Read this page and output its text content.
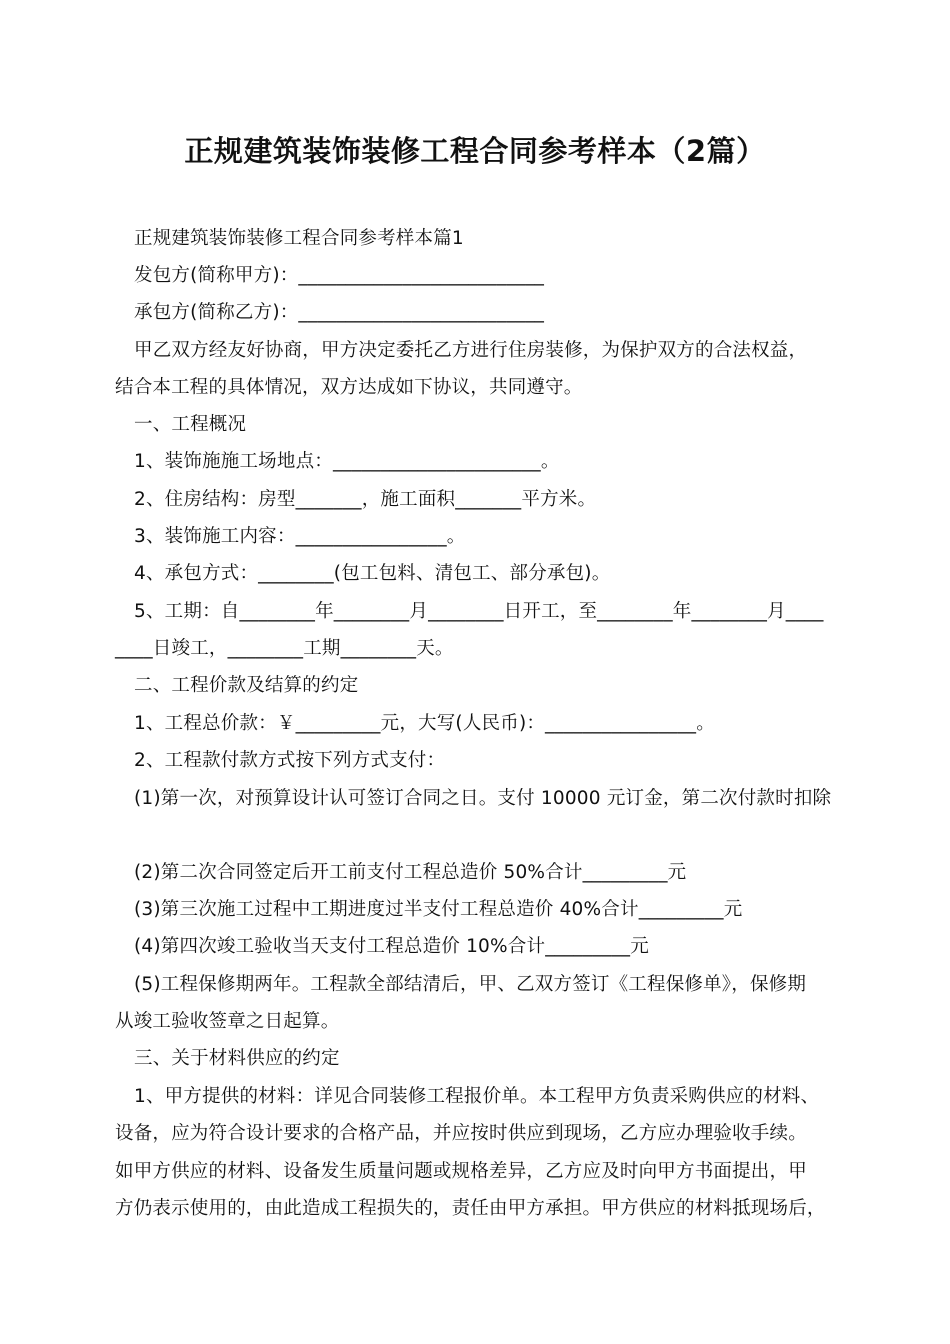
正规建筑装饰装修工程合同参考样本（2篇）
正规建筑装饰装修工程合同参考样本篇1
发包方(简称甲方)：__________________________
承包方(简称乙方)：__________________________
甲乙双方经友好协商，甲方决定委托乙方进行住房装修，为保护双方的合法权益，
结合本工程的具体情况，双方达成如下协议，共同遵守。
一、工程概况
1、装饰施施工场地点：______________________。
2、住房结构：房型_______，施工面积_______平方米。
3、装饰施工内容：________________。
4、承包方式：________(包工包料、清包工、部分承包)。
5、工期：自________年________月________日开工，至________年________月____
____日竣工，________工期________天。
二、工程价款及结算的约定
1、工程总价款：￥_________元，大写(人民币)：________________。
2、工程款付款方式按下列方式支付：
(1)第一次，对预算设计认可签订合同之日。支付 10000 元订金，第二次付款时扣除
(2)第二次合同签定后开工前支付工程总造价 50%合计_________元
(3)第三次施工过程中工期进度过半支付工程总造价 40%合计_________元
(4)第四次竣工验收当天支付工程总造价 10%合计_________元
(5)工程保修期两年。工程款全部结清后，甲、乙双方签订《工程保修单》，保修期
从竣工验收签章之日起算。
三、关于材料供应的约定
1、甲方提供的材料：详见合同装修工程报价单。本工程甲方负责采购供应的材料、
设备，应为符合设计要求的合格产品，并应按时供应到现场，乙方应办理验收手续。
如甲方供应的材料、设备发生质量问题或规格差异，乙方应及时向甲方书面提出，甲
方仍表示使用的，由此造成工程损失的，责任由甲方承担。甲方供应的材料抵现场后，
